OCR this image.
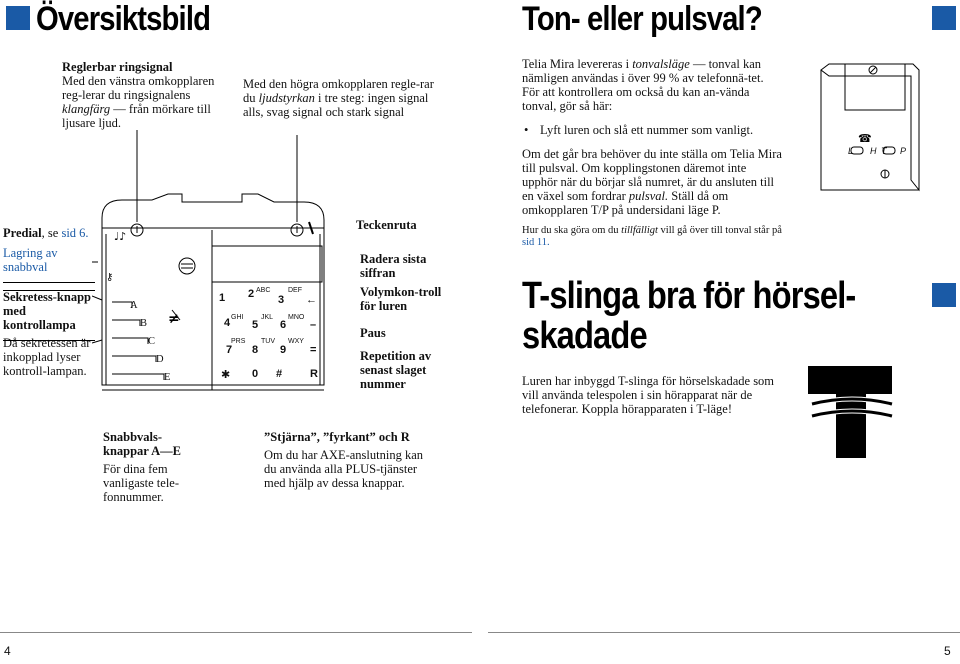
Översiktsbild

Reglerbar ringsignal

Med den vänstra omkopplaren reg-lerar du ringsignalens klangfärg — från mörkare till ljusare ljud.

Med den högra omkopplaren regle-rar du ljudstyrkan i tre steg: ingen signal alls, svag signal och stark signal

Predial, se sid 6.

Lagring av snabbval

Sekretess-knapp med kontrollampa

Då sekretessen är inkopplad lyser kontroll-lampan.

♩♪
⚷
≠
A
B
C
D
E
ABC	DEF
GHI	JKL MNO
PRS TUV WXY
1 2 3
4 5 6
7 8 9
✱ 0 #
←
–
=
R
Teckenruta
Radera sista siffran
Volymkon-troll för luren
Paus
Repetition av senast slaget nummer

Snabbvals-knappar A—E

För dina fem vanligaste tele-fonnummer.

”Stjärna”, ”fyrkant” och R

Om du har AXE-anslutning kan du använda alla PLUS-tjänster med hjälp av dessa knappar.

4
Ton- eller pulsval?

Telia Mira levereras i tonvalsläge — tonval kan nämligen användas i över 99 % av telefonnä-tet. För att kontrollera om också du kan an-vända tonval, gör så här:

• Lyft luren och slå ett nummer som vanligt.

Om det går bra behöver du inte ställa om Telia Mira till pulsval. Om kopplingstonen däremot inte upphör när du börjar slå numret, är du ansluten till en växel som fordrar pulsval. Ställ då om omkopplaren T/P på undersidani läge P.

Hur du ska göra om du tillfälligt vill gå över till tonval står på sid 11.

☎
L H T P
T-slinga bra för hörsel-skadade

Luren har inbyggd T-slinga för hörselskadade som vill använda telespolen i sin hörapparat när de telefonerar. Koppla hörapparaten i T-läge!

5
